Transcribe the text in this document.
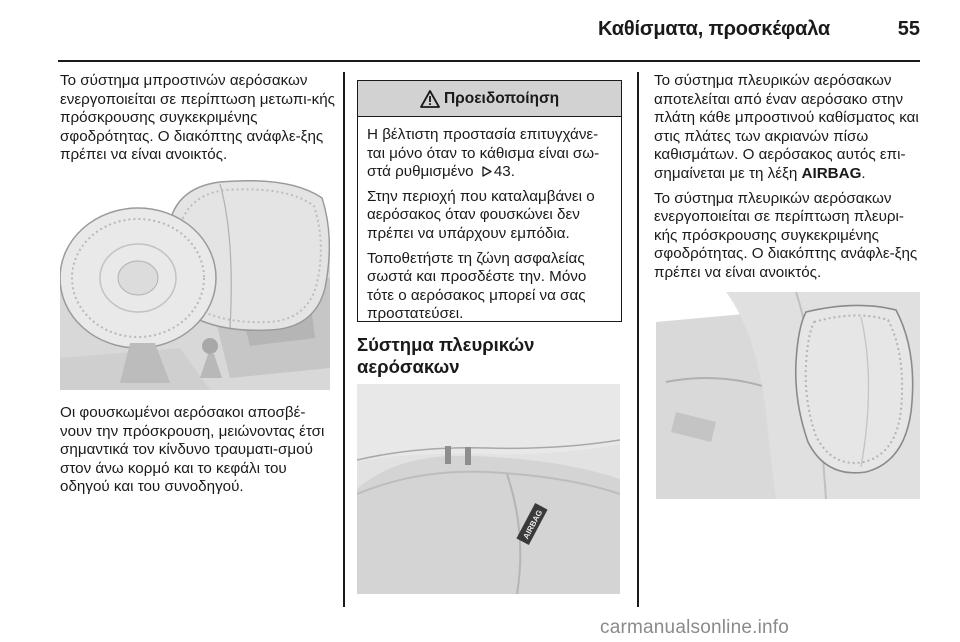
Καθίσματα, προσκέφαλα	55

Το σύστημα μπροστινών αερόσακων ενεργοποιείται σε περίπτωση μετωπι-κής πρόσκρουσης συγκεκριμένης σφοδρότητας. Ο διακόπτης ανάφλε-ξης πρέπει να είναι ανοικτός.

Οι φουσκωμένοι αερόσακοι αποσβέ-νουν την πρόσκρουση, μειώνοντας έτσι σημαντικά τον κίνδυνο τραυματι-σμού στον άνω κορμό και το κεφάλι του οδηγού και του συνοδηγού.

Προειδοποίηση

Η βέλτιστη προστασία επιτυγχάνε-ται μόνο όταν το κάθισμα είναι σω-στά ρυθμισμένο 43.

Στην περιοχή που καταλαμβάνει ο αερόσακος όταν φουσκώνει δεν πρέπει να υπάρχουν εμπόδια.

Τοποθετήστε τη ζώνη ασφαλείας σωστά και προσδέστε την. Μόνο τότε ο αερόσακος μπορεί να σας προστατεύσει.

Σύστημα πλευρικών αερόσακων
AIRBAG

Το σύστημα πλευρικών αερόσακων αποτελείται από έναν αερόσακο στην πλάτη κάθε μπροστινού καθίσματος και στις πλάτες των ακριανών πίσω καθισμάτων. Ο αερόσακος αυτός επι-σημαίνεται με τη λέξη AIRBAG.

Το σύστημα πλευρικών αερόσακων ενεργοποιείται σε περίπτωση πλευρι-κής πρόσκρουσης συγκεκριμένης σφοδρότητας. Ο διακόπτης ανάφλε-ξης πρέπει να είναι ανοικτός.

carmanualsonline.info
